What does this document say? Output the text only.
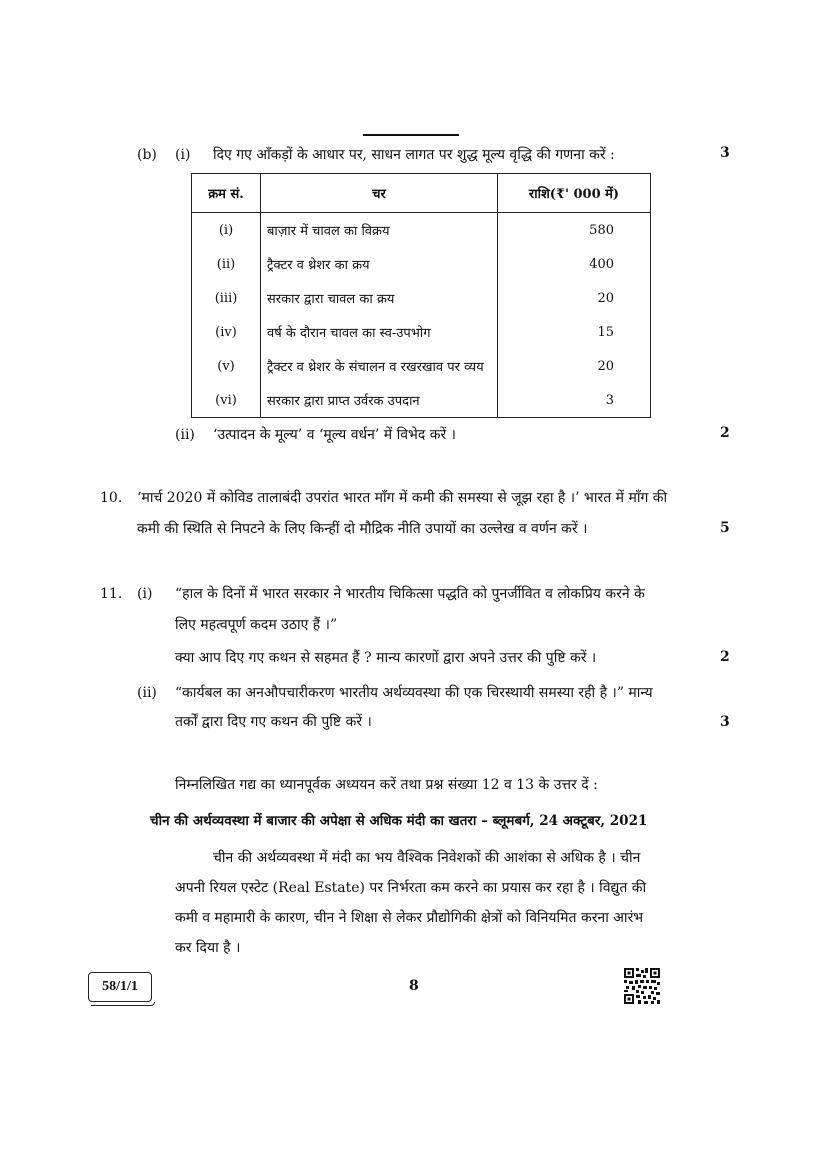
(b) (i) दिए गए आँकड़ों के आधार पर, साधन लागत पर शुद्ध मूल्य वृद्धि की गणना करें :	3
क्रम सं.	चर	राशि(₹' 000 में)
(i)	बाज़ार में चावल का विक्रय	580
(ii)	ट्रैक्टर व थ्रेशर का क्रय	400
(iii)	सरकार द्वारा चावल का क्रय	20
(iv)	वर्ष के दौरान चावल का स्व-उपभोग	15
(v)	ट्रैक्टर व थ्रेशर के संचालन व रखरखाव पर व्यय	20
(vi)	सरकार द्वारा प्राप्त उर्वरक उपदान	3
(ii) ‘उत्पादन के मूल्य’ व ‘मूल्य वर्धन’ में विभेद करें ।	2
10. ‘मार्च 2020 में कोविड तालाबंदी उपरांत भारत माँग में कमी की समस्या से जूझ रहा है ।’ भारत में माँग की
कमी की स्थिति से निपटने के लिए किन्हीं दो मौद्रिक नीति उपायों का उल्लेख व वर्णन करें ।	5
11. (i) “हाल के दिनों में भारत सरकार ने भारतीय चिकित्सा पद्धति को पुनर्जीवित व लोकप्रिय करने के
लिए महत्वपूर्ण कदम उठाए हैं ।”
क्या आप दिए गए कथन से सहमत हैं ? मान्य कारणों द्वारा अपने उत्तर की पुष्टि करें ।	2
(ii) “कार्यबल का अनऔपचारीकरण भारतीय अर्थव्यवस्था की एक चिरस्थायी समस्या रही है ।” मान्य
तर्कों द्वारा दिए गए कथन की पुष्टि करें ।	3
निम्नलिखित गद्य का ध्यानपूर्वक अध्ययन करें तथा प्रश्न संख्या 12 व 13 के उत्तर दें :
चीन की अर्थव्यवस्था में बाजार की अपेक्षा से अधिक मंदी का खतरा – ब्लूमबर्ग, 24 अक्टूबर, 2021
चीन की अर्थव्यवस्था में मंदी का भय वैश्विक निवेशकों की आशंका से अधिक है । चीन
अपनी रियल एस्टेट (Real Estate) पर निर्भरता कम करने का प्रयास कर रहा है । विद्युत की
कमी व महामारी के कारण, चीन ने शिक्षा से लेकर प्रौद्योगिकी क्षेत्रों को विनियमित करना आरंभ
कर दिया है ।
58/1/1	8
